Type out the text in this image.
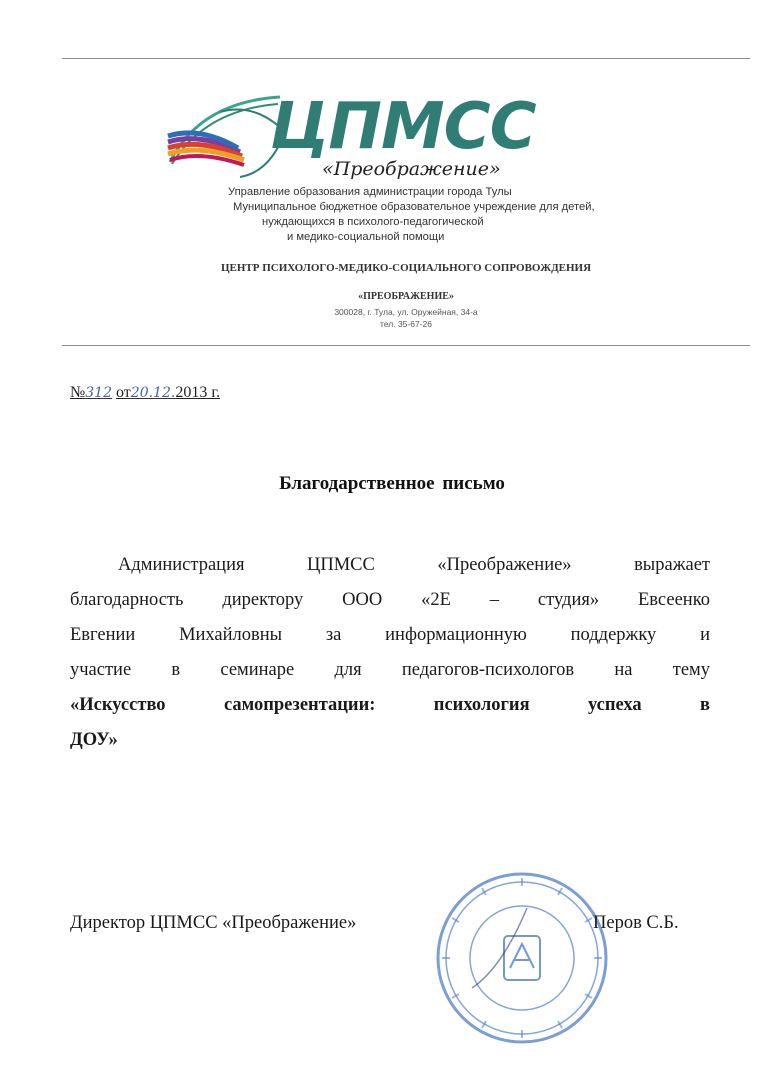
ЦПМСС
«Преображение»
Управление образования администрации города Тулы
Муниципальное бюджетное образовательное учреждение для детей,
нуждающихся в психолого-педагогической
и медико-социальной помощи
ЦЕНТР ПСИХОЛОГО-МЕДИКО-СОЦИАЛЬНОГО СОПРОВОЖДЕНИЯ
«ПРЕОБРАЖЕНИЕ»
300028, г. Тула, ул. Оружейная, 34-а
тел. 35-67-26
№312 от20.12.2013 г.
Благодарственное письмо
Администрация ЦПМСС «Преображение» выражает
благодарность директору ООО «2Е – студия» Евсеенко
Евгении Михайловны за информационную поддержку и
участие в семинаре для педагогов-психологов на тему
«Искусство самопрезентации: психология успеха в
ДОУ»
Директор ЦПМСС «Преображение»	Перов С.Б.
